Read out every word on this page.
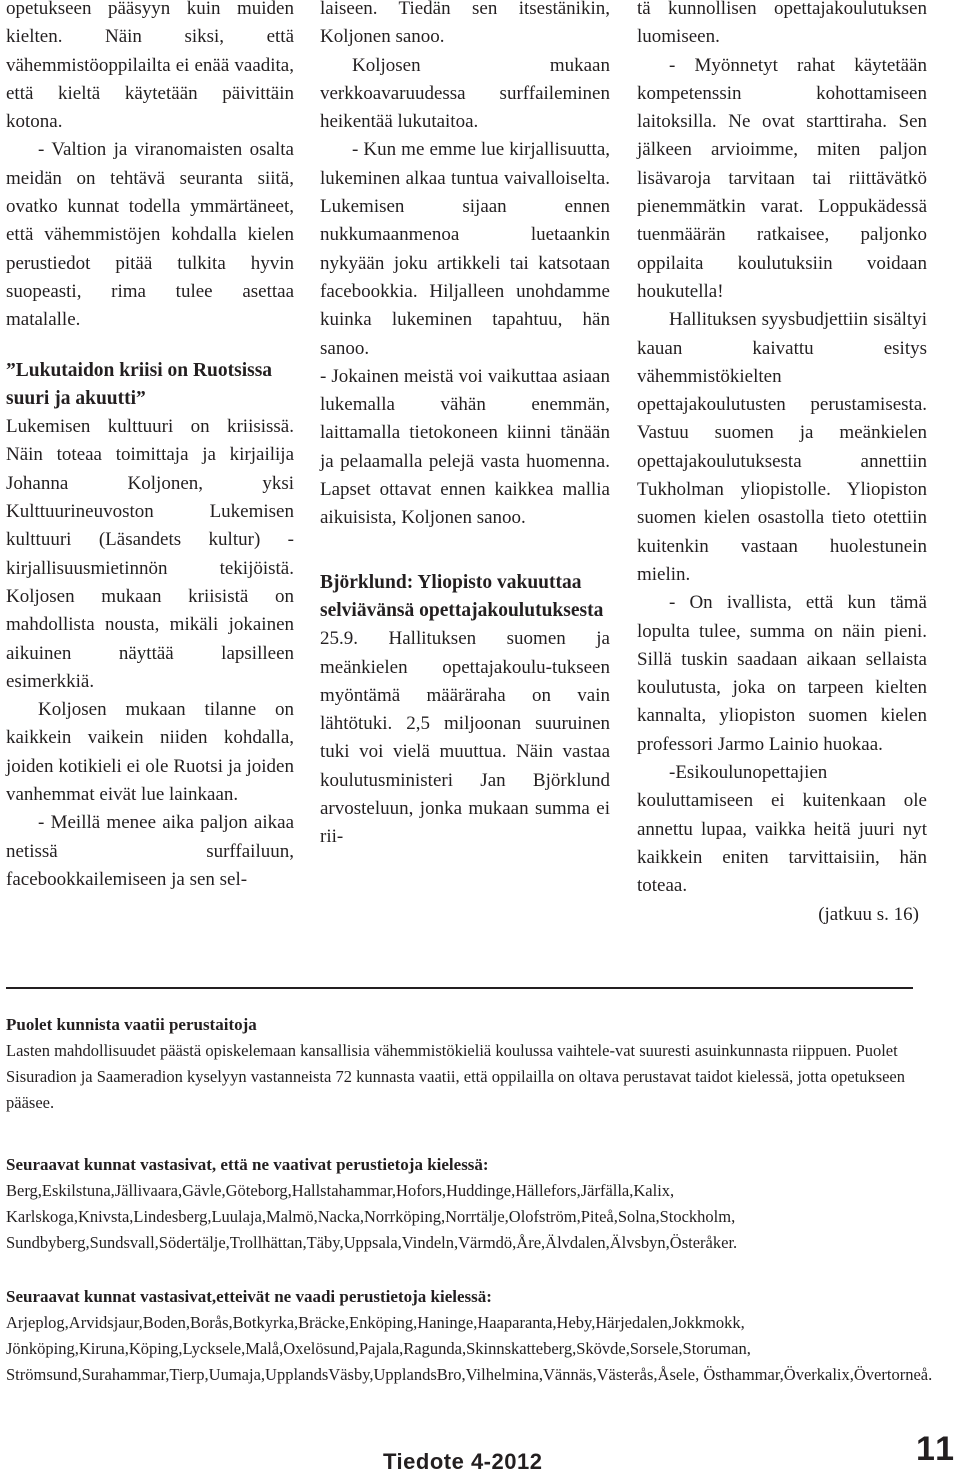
opetukseen pääsyyn kuin muiden kielten. Näin siksi, että vähemmistöoppilailta ei enää vaadita, että kieltä käytetään päivittäin kotona.

- Valtion ja viranomaisten osalta meidän on tehtävä seuranta siitä, ovatko kunnat todella ymmärtäneet, että vähemmistöjen kohdalla kielen perustiedot pitää tulkita hyvin suopeasti, rima tulee asettaa matalalle.

”Lukutaidon kriisi on Ruotsissa suuri ja akuutti”

Lukemisen kulttuuri on kriisissä. Näin toteaa toimittaja ja kirjailija Johanna Koljonen, yksi Kulttuurineuvoston Lukemisen kulttuuri (Läsandets kultur) -kirjallisuusmietinnön tekijöistä. Koljosen mukaan kriisistä on mahdollista nousta, mikäli jokainen aikuinen näyttää lapsilleen esimerkkiä.

Koljosen mukaan tilanne on kaikkein vaikein niiden kohdalla, joiden kotikieli ei ole Ruotsi ja joiden vanhemmat eivät lue lainkaan.

- Meillä menee aika paljon aikaa netissä surffailuun, facebookkailemiseen ja sen sel-

laiseen. Tiedän sen itsestänikin, Koljonen sanoo.

Koljosen mukaan verkkoavaruudessa surffaileminen heikentää lukutaitoa.

- Kun me emme lue kirjallisuutta, lukeminen alkaa tuntua vaivalloiselta. Lukemisen sijaan ennen nukkumaanmenoa luetaankin nykyään joku artikkeli tai katsotaan facebookkia. Hiljalleen unohdamme kuinka lukeminen tapahtuu, hän sanoo.

- Jokainen meistä voi vaikuttaa asiaan lukemalla vähän enemmän, laittamalla tietokoneen kiinni tänään ja pelaamalla pelejä vasta huomenna. Lapset ottavat ennen kaikkea mallia aikuisista, Koljonen sanoo.

Björklund: Yliopisto vakuuttaa selviävänsä opettajakoulutuksesta

25.9. Hallituksen suomen ja meänkielen opettajakoulu-tukseen myöntämä määräraha on vain lähtötuki. 2,5 miljoonan suuruinen tuki voi vielä muuttua. Näin vastaa koulutusministeri Jan Björklund arvosteluun, jonka mukaan summa ei rii-

tä kunnollisen opettajakoulutuksen luomiseen.

- Myönnetyt rahat käytetään kompetenssin kohottamiseen laitoksilla. Ne ovat starttiraha. Sen jälkeen arvioimme, miten paljon lisävaroja tarvitaan tai riittävätkö pienemmätkin varat. Loppukädessä tuenmäärän ratkaisee, paljonko oppilaita koulutuksiin voidaan houkutella!

Hallituksen syysbudjettiin sisältyi kauan kaivattu esitys vähemmistökielten opettajakoulutusten perustamisesta. Vastuu suomen ja meänkielen opettajakoulutuksesta annettiin Tukholman yliopistolle. Yliopiston suomen kielen osastolla tieto otettiin kuitenkin vastaan huolestunein mielin.

- On ivallista, että kun tämä lopulta tulee, summa on näin pieni. Sillä tuskin saadaan aikaan sellaista koulutusta, joka on tarpeen kielten kannalta, yliopiston suomen kielen professori Jarmo Lainio huokaa.

-Esikoulunopettajien kouluttamiseen ei kuitenkaan ole annettu lupaa, vaikka heitä juuri nyt kaikkein eniten tarvittaisiin, hän toteaa.

(jatkuu s. 16)
Puolet kunnista vaatii perustaitoja

Lasten mahdollisuudet päästä opiskelemaan kansallisia vähemmistökieliä koulussa vaihtele-vat suuresti asuinkunnasta riippuen. Puolet Sisuradion ja Saameradion kyselyyn vastanneista 72 kunnasta vaatii, että oppilailla on oltava perustavat taidot kielessä, jotta opetukseen pääsee.

Seuraavat kunnat vastasivat, että ne vaativat perustietoja kielessä:

Berg,Eskilstuna,Jällivaara,Gävle,Göteborg,Hallstahammar,Hofors,Huddinge,Hällefors,Järfälla,Kalix, Karlskoga,Knivsta,Lindesberg,Luulaja,Malmö,Nacka,Norrköping,Norrtälje,Olofström,Piteå,Solna,Stockholm, Sundbyberg,Sundsvall,Södertälje,Trollhättan,Täby,Uppsala,Vindeln,Värmdö,Åre,Älvdalen,Älvsbyn,Österåker.

Seuraavat kunnat vastasivat,etteivät ne vaadi perustietoja kielessä:

Arjeplog,Arvidsjaur,Boden,Borås,Botkyrka,Bräcke,Enköping,Haninge,Haaparanta,Heby,Härjedalen,Jokkmokk, Jönköping,Kiruna,Köping,Lycksele,Malå,Oxelösund,Pajala,Ragunda,Skinnskatteberg,Skövde,Sorsele,Storuman, Strömsund,Surahammar,Tierp,Uumaja,UpplandsVäsby,UpplandsBro,Vilhelmina,Vännäs,Västerås,Åsele, Östhammar,Överkalix,Övertorneå.

Tiedote 4-2012	11
